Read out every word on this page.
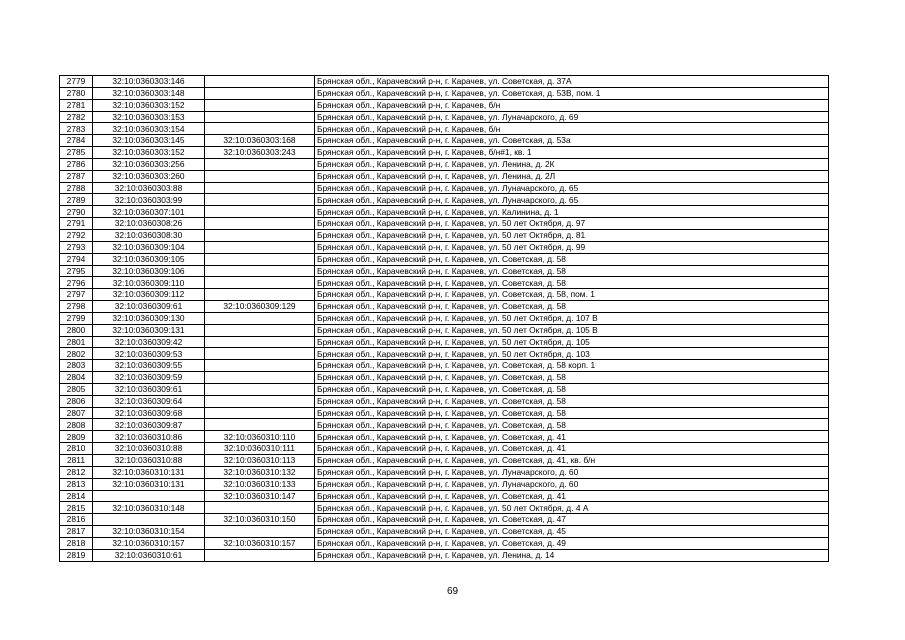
2779	32:10:0360303:146		Брянская обл., Карачевский р-н, г. Карачев, ул. Советская, д. 37А
2780	32:10:0360303:148		Брянская обл., Карачевский р-н, г. Карачев, ул. Советская, д. 53В, пом. 1
2781	32:10:0360303:152		Брянская обл., Карачевский р-н, г. Карачев, б/н
2782	32:10:0360303:153		Брянская обл., Карачевский р-н, г. Карачев, ул. Луначарского, д. 69
2783	32:10:0360303:154		Брянская обл., Карачевский р-н, г. Карачев, б/н
2784	32:10:0360303:145	32:10:0360303:168	Брянская обл., Карачевский р-н, г. Карачев, ул. Советская, д. 53а
2785	32:10:0360303:152	32:10:0360303:243	Брянская обл., Карачевский р-н, г. Карачев, б/н#1, кв. 1
2786	32:10:0360303:256		Брянская обл., Карачевский р-н, г. Карачев, ул. Ленина, д. 2К
2787	32:10:0360303:260		Брянская обл., Карачевский р-н, г. Карачев, ул. Ленина, д. 2Л
2788	32:10:0360303:88		Брянская обл., Карачевский р-н, г. Карачев, ул. Луначарского, д. 65
2789	32:10:0360303:99		Брянская обл., Карачевский р-н, г. Карачев, ул. Луначарского, д. 65
2790	32:10:0360307:101		Брянская обл., Карачевский р-н, г. Карачев, ул. Калинина, д. 1
2791	32:10:0360308:26		Брянская обл., Карачевский р-н, г. Карачев, ул. 50 лет Октября, д. 97
2792	32:10:0360308:30		Брянская обл., Карачевский р-н, г. Карачев, ул. 50 лет Октября, д. 81
2793	32:10:0360309:104		Брянская обл., Карачевский р-н, г. Карачев, ул. 50 лет Октября, д. 99
2794	32:10:0360309:105		Брянская обл., Карачевский р-н, г. Карачев, ул. Советская, д. 58
2795	32:10:0360309:106		Брянская обл., Карачевский р-н, г. Карачев, ул. Советская, д. 58
2796	32:10:0360309:110		Брянская обл., Карачевский р-н, г. Карачев, ул. Советская, д. 58
2797	32:10:0360309:112		Брянская обл., Карачевский р-н, г. Карачев, ул. Советская, д. 58, пом. 1
2798	32:10:0360309:61	32:10:0360309:129	Брянская обл., Карачевский р-н, г. Карачев, ул. Советская, д. 58
2799	32:10:0360309:130		Брянская обл., Карачевский р-н, г. Карачев, ул. 50 лет Октября, д. 107 В
2800	32:10:0360309:131		Брянская обл., Карачевский р-н, г. Карачев, ул. 50 лет Октября, д. 105 В
2801	32:10:0360309:42		Брянская обл., Карачевский р-н, г. Карачев, ул. 50 лет Октября, д. 105
2802	32:10:0360309:53		Брянская обл., Карачевский р-н, г. Карачев, ул. 50 лет Октября, д. 103
2803	32:10:0360309:55		Брянская обл., Карачевский р-н, г. Карачев, ул. Советская, д. 58 корп. 1
2804	32:10:0360309:59		Брянская обл., Карачевский р-н, г. Карачев, ул. Советская, д. 58
2805	32:10:0360309:61		Брянская обл., Карачевский р-н, г. Карачев, ул. Советская, д. 58
2806	32:10:0360309:64		Брянская обл., Карачевский р-н, г. Карачев, ул. Советская, д. 58
2807	32:10:0360309:68		Брянская обл., Карачевский р-н, г. Карачев, ул. Советская, д. 58
2808	32:10:0360309:87		Брянская обл., Карачевский р-н, г. Карачев, ул. Советская, д. 58
2809	32:10:0360310:86	32:10:0360310:110	Брянская обл., Карачевский р-н, г. Карачев, ул. Советская, д. 41
2810	32:10:0360310:88	32:10:0360310:111	Брянская обл., Карачевский р-н, г. Карачев, ул. Советская, д. 41
2811	32:10:0360310:88	32:10:0360310:113	Брянская обл., Карачевский р-н, г. Карачев, ул. Советская, д. 41, кв. б/н
2812	32:10:0360310:131	32:10:0360310:132	Брянская обл., Карачевский р-н, г. Карачев, ул. Луначарского, д. 60
2813	32:10:0360310:131	32:10:0360310:133	Брянская обл., Карачевский р-н, г. Карачев, ул. Луначарского, д. 60
2814		32:10:0360310:147	Брянская обл., Карачевский р-н, г. Карачев, ул. Советская, д. 41
2815	32:10:0360310:148		Брянская обл., Карачевский р-н, г. Карачев, ул. 50 лет Октября, д. 4 А
2816		32:10:0360310:150	Брянская обл., Карачевский р-н, г. Карачев, ул. Советская, д. 47
2817	32:10:0360310:154		Брянская обл., Карачевский р-н, г. Карачев, ул. Советская, д. 45
2818	32:10:0360310:157	32:10:0360310:157	Брянская обл., Карачевский р-н, г. Карачев, ул. Советская, д. 49
2819	32:10:0360310:61		Брянская обл., Карачевский р-н, г. Карачев, ул. Ленина, д. 14
69
